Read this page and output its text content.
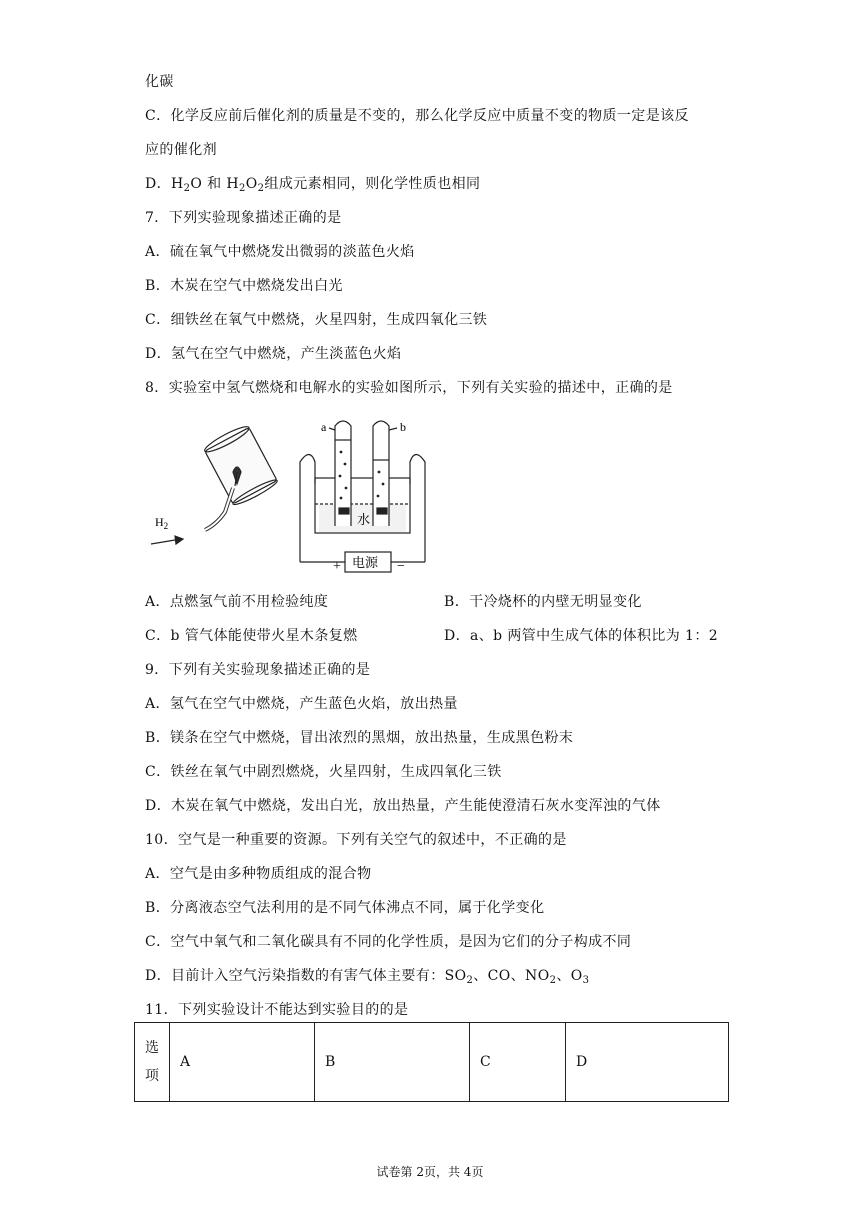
化碳
C．化学反应前后催化剂的质量是不变的，那么化学反应中质量不变的物质一定是该反
应的催化剂
D．$H_2O$ 和 $H_2O_2$组成元素相同，则化学性质也相同
7．下列实验现象描述正确的是
A．硫在氧气中燃烧发出微弱的淡蓝色火焰
B．木炭在空气中燃烧发出白光
C．细铁丝在氧气中燃烧，火星四射，生成四氧化三铁
D．氢气在空气中燃烧，产生淡蓝色火焰
8．实验室中氢气燃烧和电解水的实验如图所示，下列有关实验的描述中，正确的是
$H_2$
a	b
水
电源
+	−
A．点燃氢气前不用检验纯度	B．干冷烧杯的内壁无明显变化
C．b 管气体能使带火星木条复燃	D．a、b 两管中生成气体的体积比为 1：2
9．下列有关实验现象描述正确的是
A．氢气在空气中燃烧，产生蓝色火焰，放出热量
B．镁条在空气中燃烧，冒出浓烈的黑烟，放出热量，生成黑色粉末
C．铁丝在氧气中剧烈燃烧，火星四射，生成四氧化三铁
D．木炭在氧气中燃烧，发出白光，放出热量，产生能使澄清石灰水变浑浊的气体
10．空气是一种重要的资源。下列有关空气的叙述中，不正确的是
A．空气是由多种物质组成的混合物
B．分离液态空气法利用的是不同气体沸点不同，属于化学变化
C．空气中氧气和二氧化碳具有不同的化学性质，是因为它们的分子构成不同
D．目前计入空气污染指数的有害气体主要有：$SO_2$、CO、$NO_2$、$O_3$
11．下列实验设计不能达到实验目的的是
选
项	A	B	C	D
试卷第 2页，共 4页
